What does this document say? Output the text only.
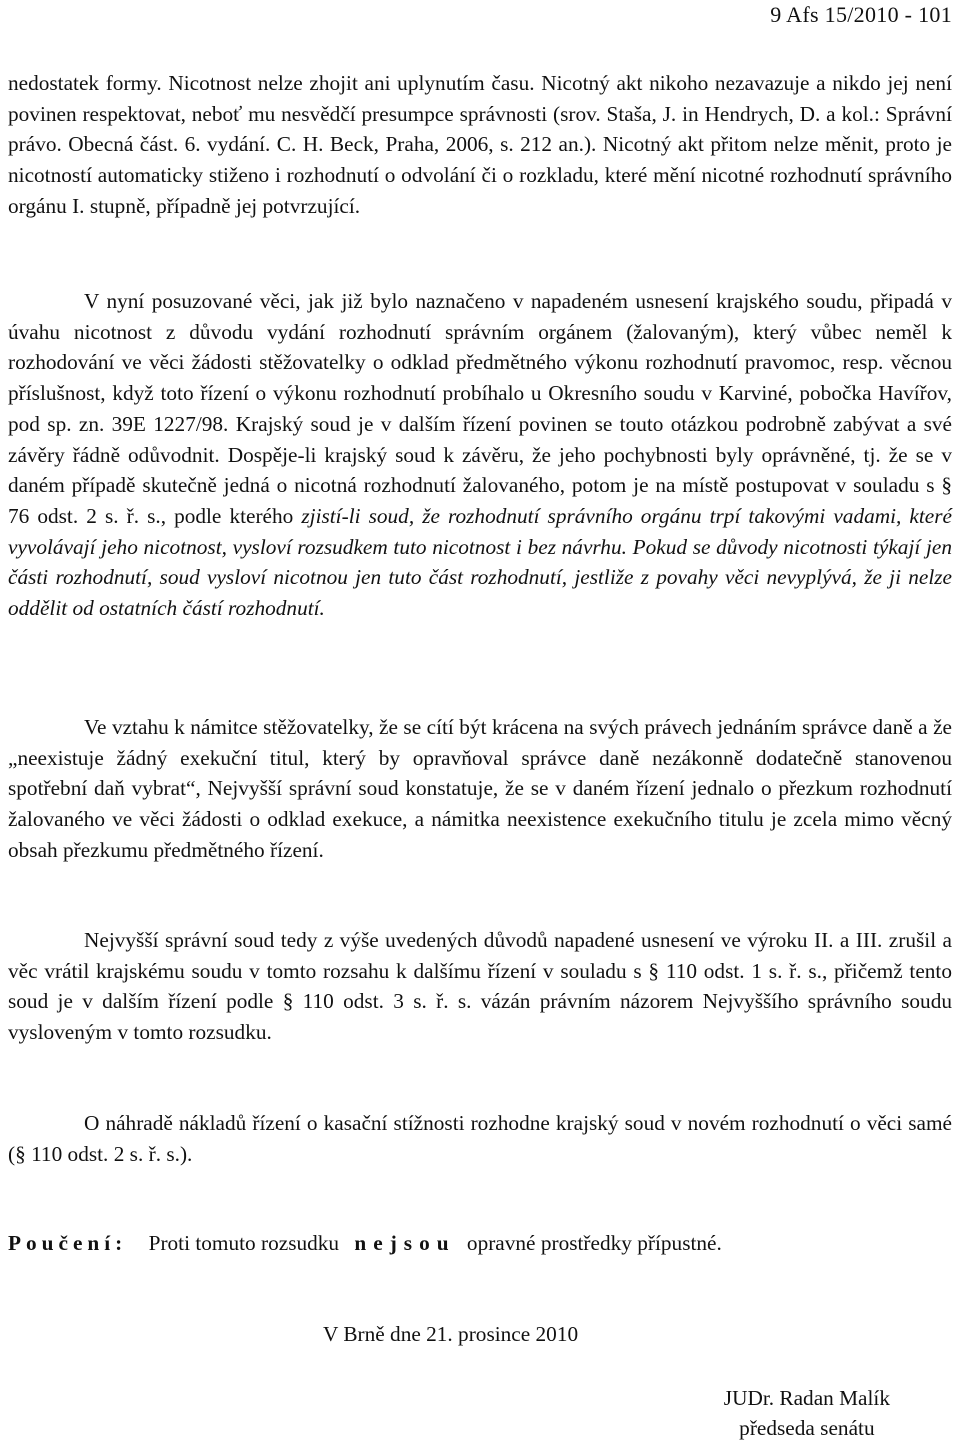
9 Afs 15/2010 - 101

nedostatek formy. Nicotnost nelze zhojit ani uplynutím času. Nicotný akt nikoho nezavazuje a nikdo jej není povinen respektovat, neboť mu nesvědčí presumpce správnosti (srov. Staša, J. in Hendrych, D. a kol.: Správní právo. Obecná část. 6. vydání. C. H. Beck, Praha, 2006, s. 212 an.). Nicotný akt přitom nelze měnit, proto je nicotností automaticky stiženo i rozhodnutí o odvolání či o rozkladu, které mění nicotné rozhodnutí správního orgánu I. stupně, případně jej potvrzující.

V nyní posuzované věci, jak již bylo naznačeno v napadeném usnesení krajského soudu, připadá v úvahu nicotnost z důvodu vydání rozhodnutí správním orgánem (žalovaným), který vůbec neměl k rozhodování ve věci žádosti stěžovatelky o odklad předmětného výkonu rozhodnutí pravomoc, resp. věcnou příslušnost, když toto řízení o výkonu rozhodnutí probíhalo u Okresního soudu v Karviné, pobočka Havířov, pod sp. zn. 39E 1227/98. Krajský soud je v dalším řízení povinen se touto otázkou podrobně zabývat a své závěry řádně odůvodnit. Dospěje-li krajský soud k závěru, že jeho pochybnosti byly oprávněné, tj. že se v daném případě skutečně jedná o nicotná rozhodnutí žalovaného, potom je na místě postupovat v souladu s § 76 odst. 2 s. ř. s., podle kterého zjistí-li soud, že rozhodnutí správního orgánu trpí takovými vadami, které vyvolávají jeho nicotnost, vysloví rozsudkem tuto nicotnost i bez návrhu. Pokud se důvody nicotnosti týkají jen části rozhodnutí, soud vysloví nicotnou jen tuto část rozhodnutí, jestliže z povahy věci nevyplývá, že ji nelze oddělit od ostatních částí rozhodnutí.

Ve vztahu k námitce stěžovatelky, že se cítí být krácena na svých právech jednáním správce daně a že „neexistuje žádný exekuční titul, který by opravňoval správce daně nezákonně dodatečně stanovenou spotřební daň vybrat“, Nejvyšší správní soud konstatuje, že se v daném řízení jednalo o přezkum rozhodnutí žalovaného ve věci žádosti o odklad exekuce, a námitka neexistence exekučního titulu je zcela mimo věcný obsah přezkumu předmětného řízení.

Nejvyšší správní soud tedy z výše uvedených důvodů napadené usnesení ve výroku II. a III. zrušil a věc vrátil krajskému soudu v tomto rozsahu k dalšímu řízení v souladu s § 110 odst. 1 s. ř. s., přičemž tento soud je v dalším řízení podle § 110 odst. 3 s. ř. s. vázán právním názorem Nejvyššího správního soudu vysloveným v tomto rozsudku.

O náhradě nákladů řízení o kasační stížnosti rozhodne krajský soud v novém rozhodnutí o věci samé (§ 110 odst. 2 s. ř. s.).

Poučení: Proti tomuto rozsudku nejsou opravné prostředky přípustné.
V Brně dne 21. prosince 2010
JUDr. Radan Malík
předseda senátu
